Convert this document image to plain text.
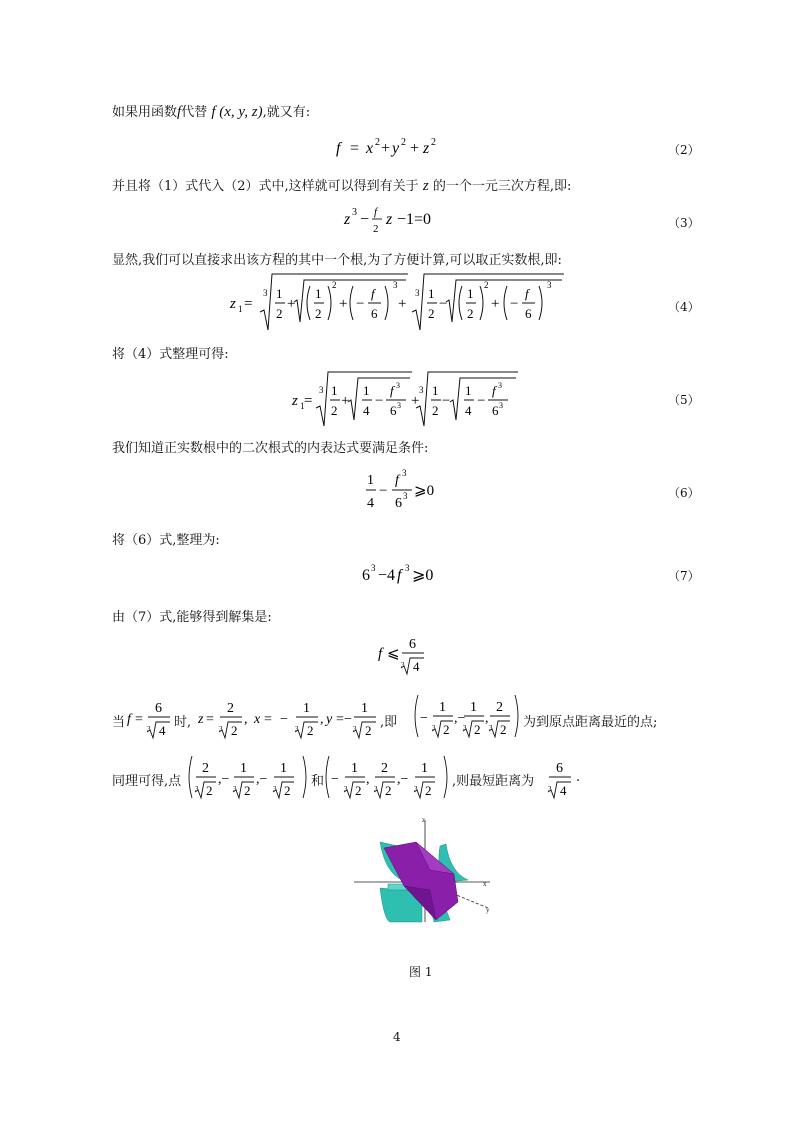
如果用函数f代替 f (x, y, z),就又有:
f = x 2 + y 2 + z 2
（2）
并且将（1）式代入（2）式中,这样就可以得到有关于 z 的一个一元三次方程,即:
z 3 − f
2
z −1=0	（3）
显然,我们可以直接求出该方程的其中一个根,为了方便计算,可以取正实数根,即:
z 1 =
3 1
2
+
1
2
2
+ −
f
6
3
+
3 1
2
−
1
2
2
+ −
f
6
3
（4）
将（4）式整理可得:
z 1 =
3 1
2
+
1
4
−
f 3
6 3 +
3 1
2
−
1
4
−
f 3
6 3	（5）
我们知道正实数根中的二次根式的内表达式要满足条件:
1
4
−
f 3
6 3 ⩾0	（6）
将（6）式,整理为:
6 3 −4 f 3 ⩾0	（7）
由（7）式,能够得到解集是:
f ⩽
6
3 4
当 f =
6
3 4
时, z =
2
3 2
, x = −
1
3 2
, y = −
1
3 2
,即 −
1
3 2
,−
1
3 2
,
2
3 2 为到原点距离最近的点;
同理可得,点
2
3 2
,−
1
3 2
,−
1
3 2
和 −
1
3 2
,
2
3 2
,−
1
3 2
,则最短距离为
6
3 4
.
z
x
y
图 1
4
